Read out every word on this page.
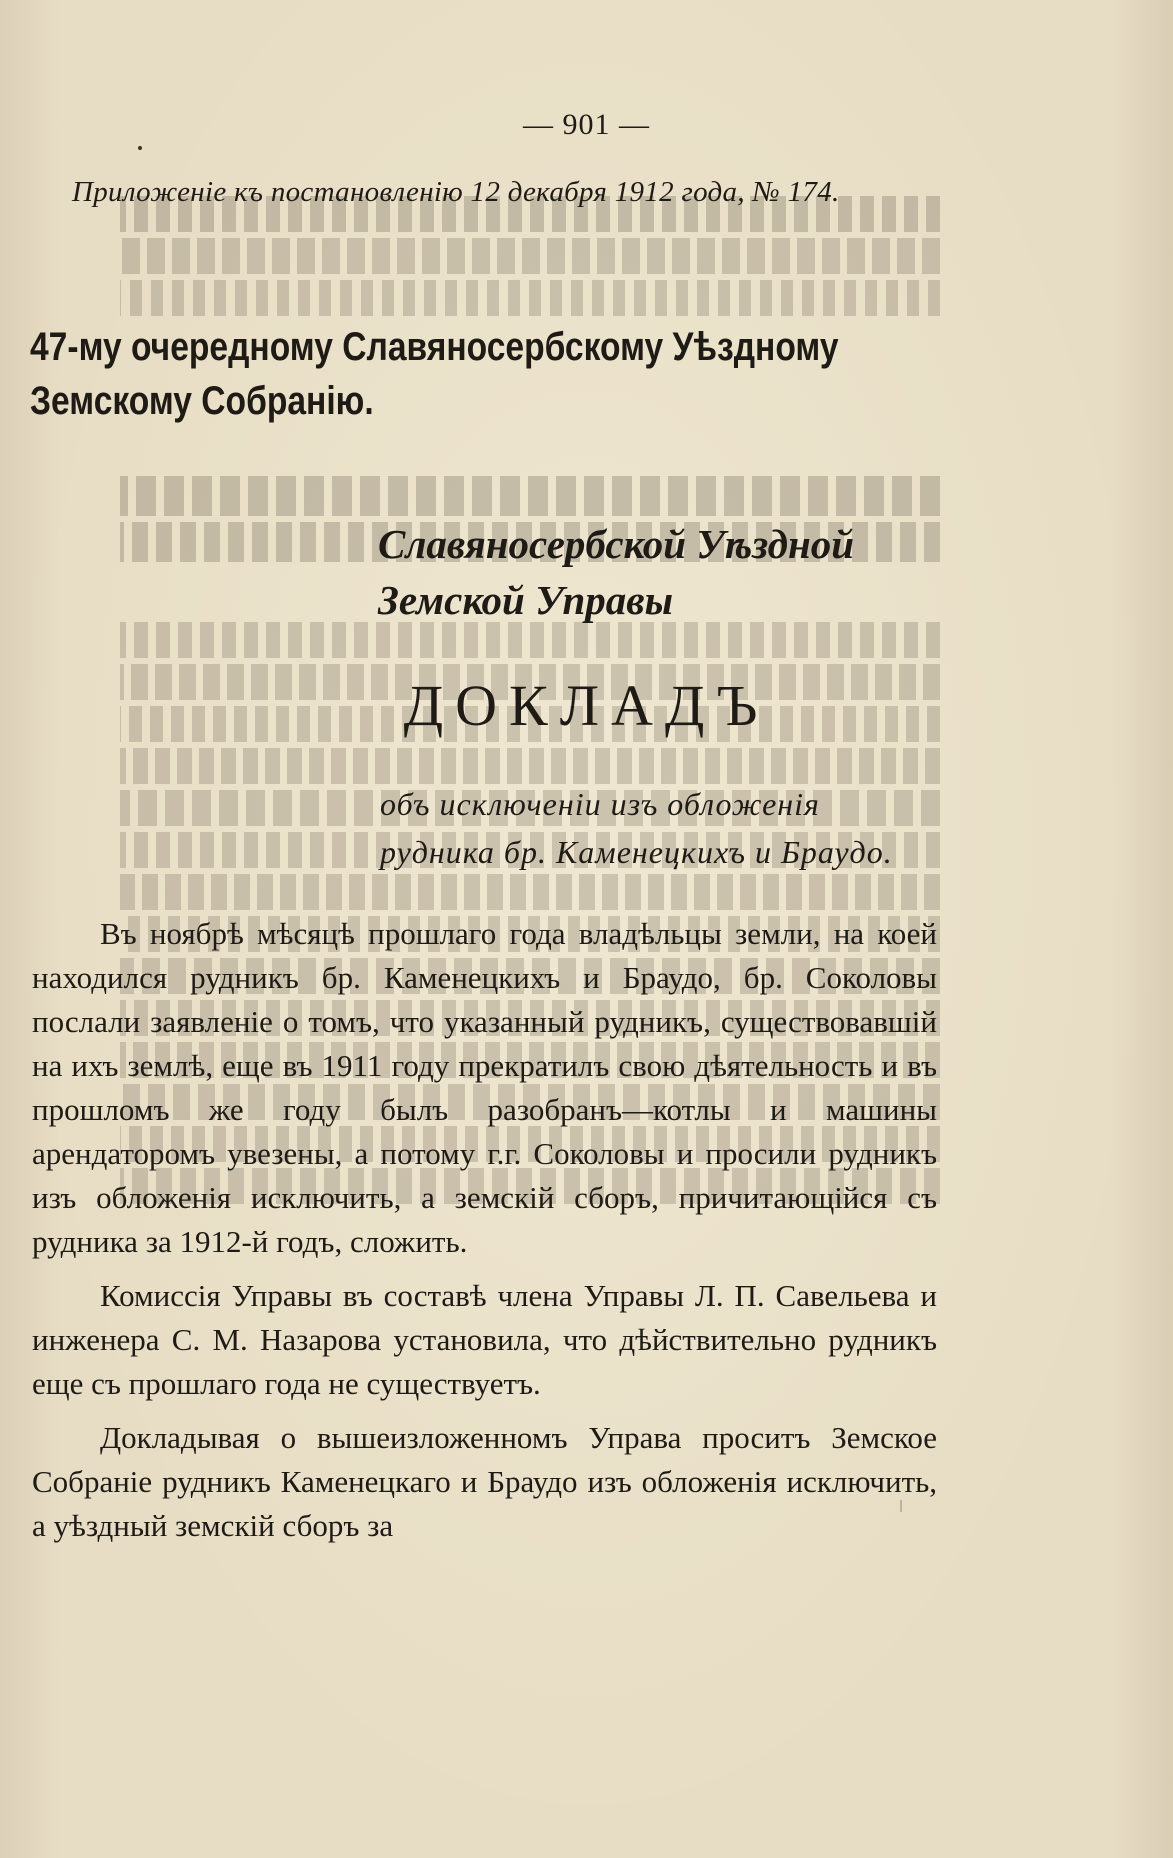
— 901 —
Приложеніе къ постановленію 12 декабря 1912 года, № 174.
47-му очередному Славяносербскому Уѣздному Земскому Собранію.
Славяносербской Уѣздной Земской Управы
ДОКЛАДЪ
объ исключеніи изъ обложенія рудника бр. Каменецкихъ и Браудо.

Въ ноябрѣ мѣсяцѣ прошлаго года владѣльцы земли, на коей находился рудникъ бр. Каменецкихъ и Браудо, бр. Соколовы послали заявленіе о томъ, что указанный рудникъ, существовавшій на ихъ землѣ, еще въ 1911 году прекратилъ свою дѣятельность и въ прошломъ же году былъ разобранъ—котлы и машины арендаторомъ увезены, а потому г.г. Соколовы и просили рудникъ изъ обложенія исключить, а земскій сборъ, причитающійся съ рудника за 1912-й годъ, сложить.

Комиссія Управы въ составѣ члена Управы Л. П. Савельева и инженера С. М. Назарова установила, что дѣйствительно рудникъ еще съ прошлаго года не существуетъ.

Докладывая о вышеизложенномъ Управа проситъ Земское Собраніе рудникъ Каменецкаго и Браудо изъ обложенія исключить, а уѣздный земскій сборъ за
